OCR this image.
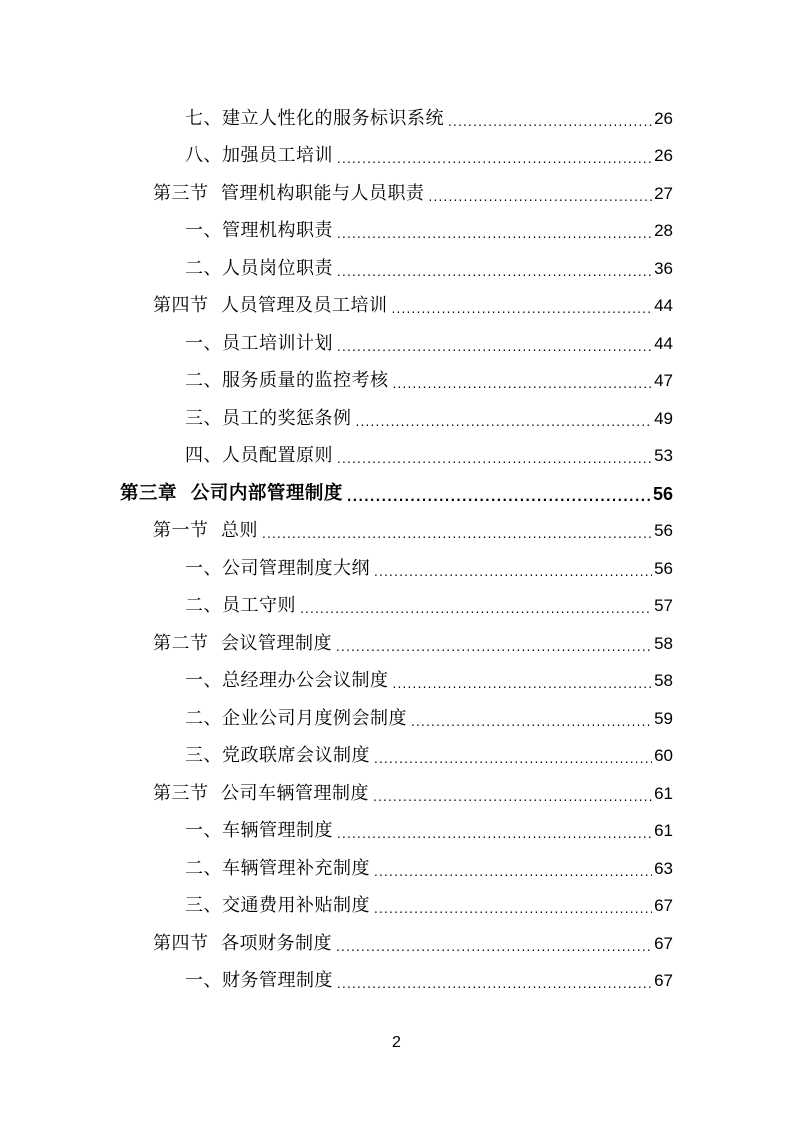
七、建立人性化的服务标识系统 .....	26
八、加强员工培训 .....	26
第三节  管理机构职能与人员职责 .....	27
一、管理机构职责 .....	28
二、人员岗位职责 .....	36
第四节  人员管理及员工培训 .....	44
一、员工培训计划 .....	44
二、服务质量的监控考核 .....	47
三、员工的奖惩条例 .....	49
四、人员配置原则 .....	53
第三章  公司内部管理制度 .....	56
第一节  总则 .....	56
一、公司管理制度大纲 .....	56
二、员工守则 .....	57
第二节  会议管理制度 .....	58
一、总经理办公会议制度 .....	58
二、企业公司月度例会制度 .....	59
三、党政联席会议制度 .....	60
第三节  公司车辆管理制度 .....	61
一、车辆管理制度 .....	61
二、车辆管理补充制度 .....	63
三、交通费用补贴制度 .....	67
第四节  各项财务制度 .....	67
一、财务管理制度 .....	67
2
